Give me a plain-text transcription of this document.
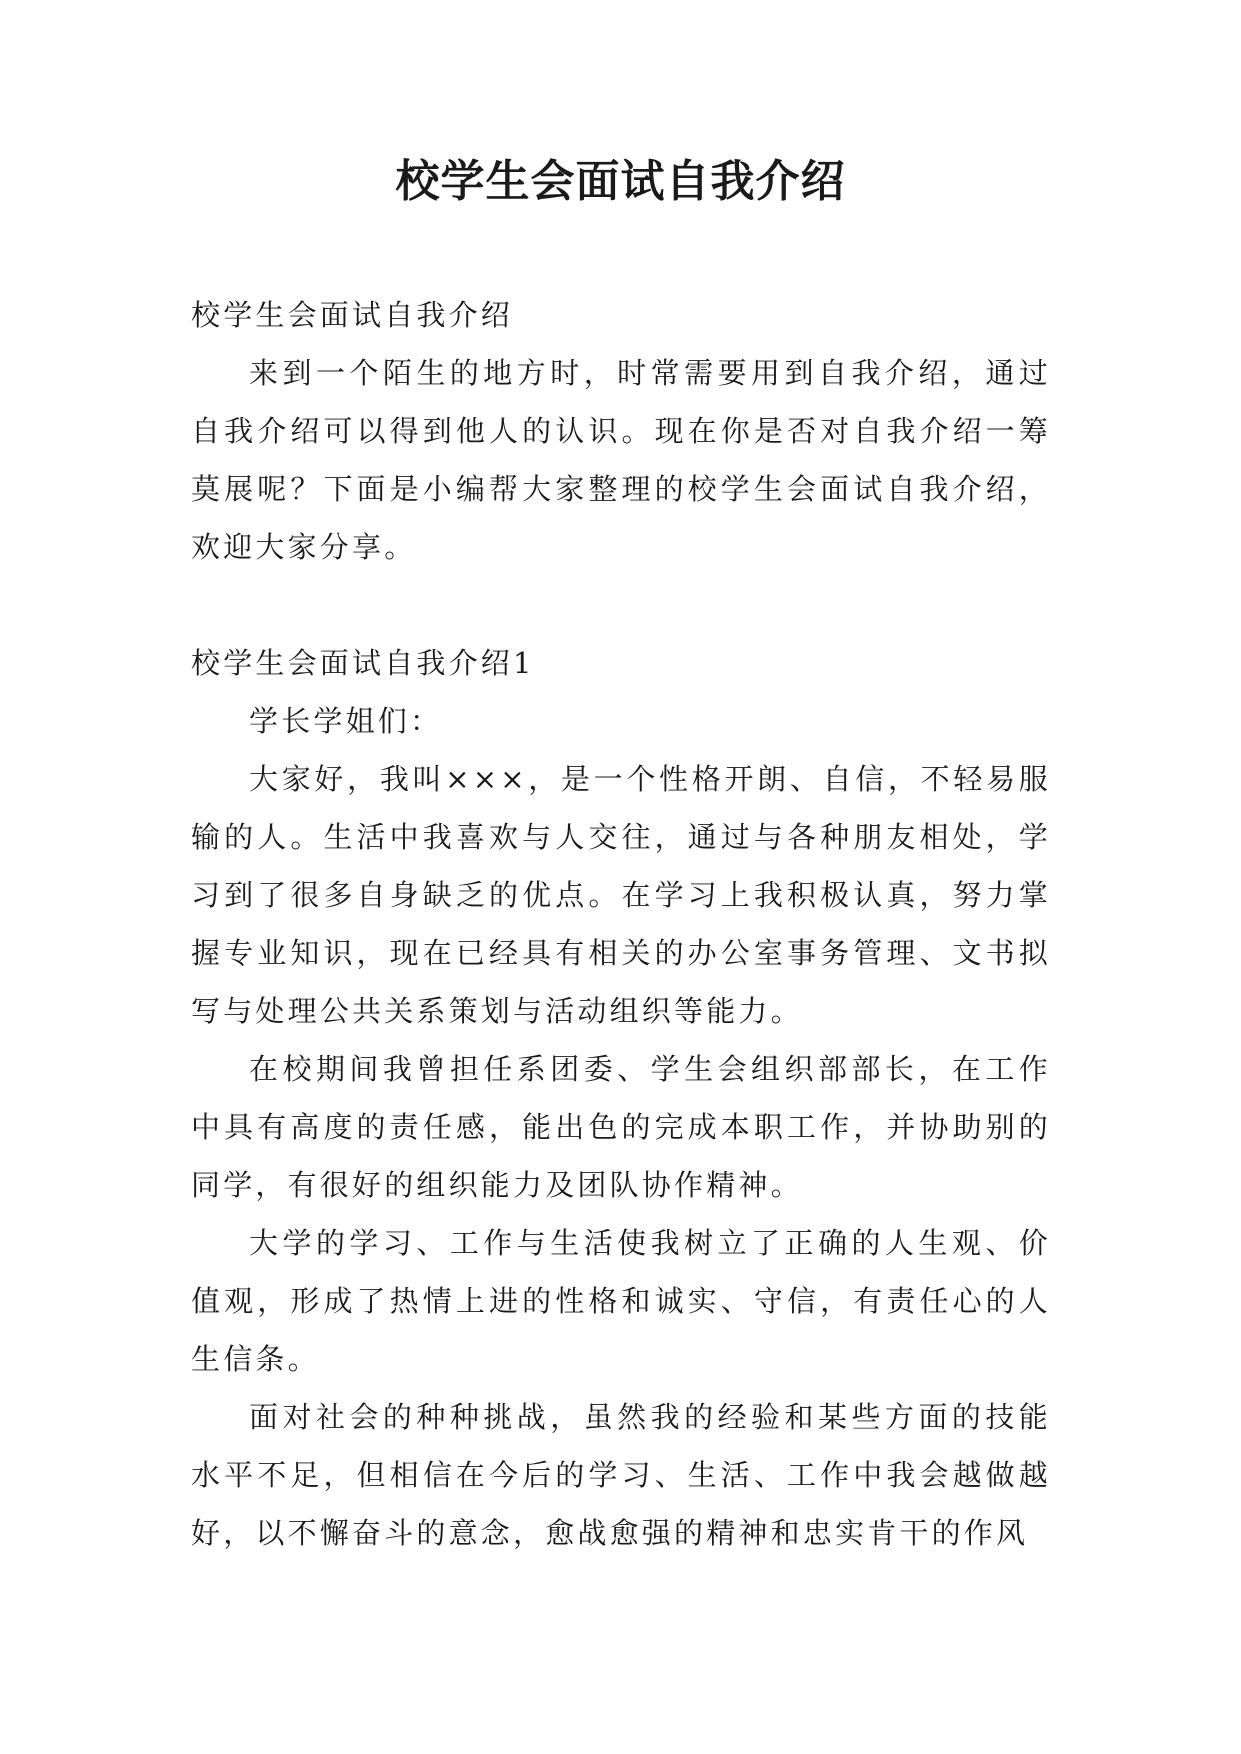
校学生会面试自我介绍

校学生会面试自我介绍

来到一个陌生的地方时，时常需要用到自我介绍，通过自我介绍可以得到他人的认识。现在你是否对自我介绍一筹莫展呢？下面是小编帮大家整理的校学生会面试自我介绍，欢迎大家分享。

校学生会面试自我介绍1

学长学姐们：

大家好，我叫×××，是一个性格开朗、自信，不轻易服输的人。生活中我喜欢与人交往，通过与各种朋友相处，学习到了很多自身缺乏的优点。在学习上我积极认真，努力掌握专业知识，现在已经具有相关的办公室事务管理、文书拟写与处理公共关系策划与活动组织等能力。

在校期间我曾担任系团委、学生会组织部部长，在工作中具有高度的责任感，能出色的完成本职工作，并协助别的同学，有很好的组织能力及团队协作精神。

大学的学习、工作与生活使我树立了正确的人生观、价值观，形成了热情上进的性格和诚实、守信，有责任心的人生信条。

面对社会的种种挑战，虽然我的经验和某些方面的技能水平不足，但相信在今后的学习、生活、工作中我会越做越好，以不懈奋斗的意念，愈战愈强的精神和忠实肯干的作风
